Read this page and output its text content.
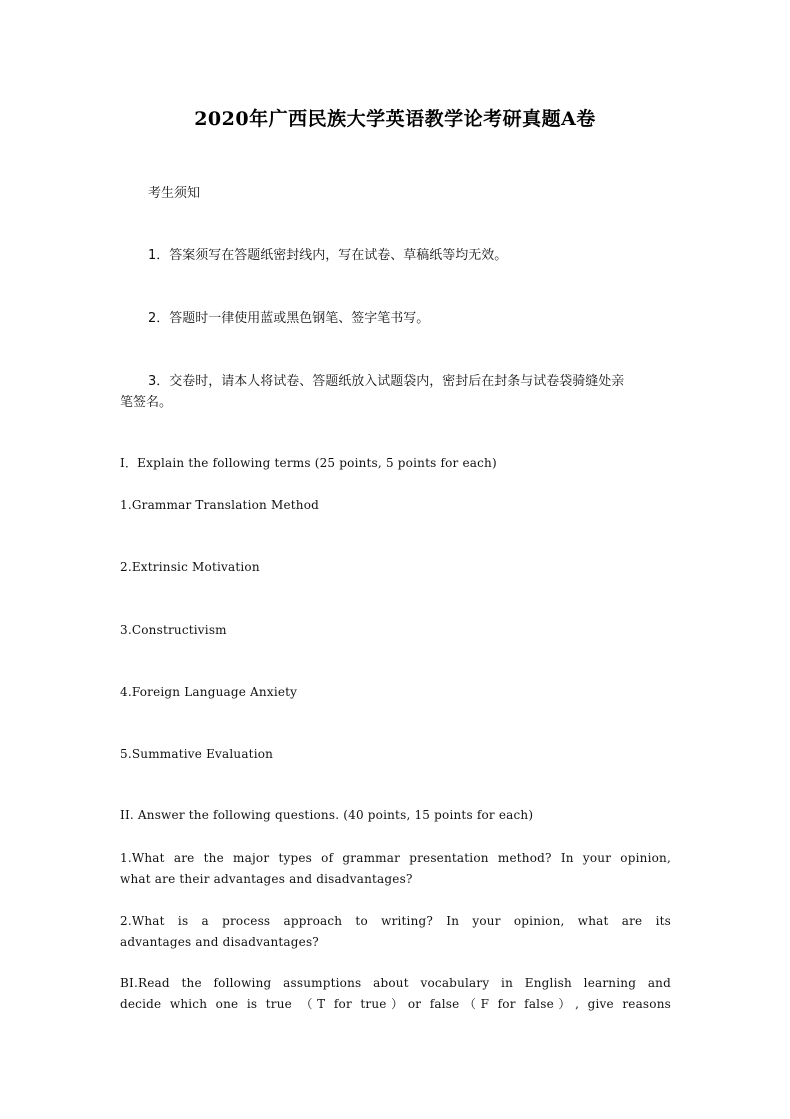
2020年广西民族大学英语教学论考研真题A卷
考生须知
1．答案须写在答题纸密封线内，写在试卷、草稿纸等均无效。
2．答题时一律使用蓝或黑色钢笔、签字笔书写。
3．交卷时，请本人将试卷、答题纸放入试题袋内，密封后在封条与试卷袋骑缝处亲
笔签名。
I．Explain the following terms (25 points, 5 points for each)
1.Grammar Translation Method
2.Extrinsic Motivation
3.Constructivism
4.Foreign Language Anxiety
5.Summative Evaluation
II. Answer the following questions. (40 points, 15 points for each)
1.What are the major types of grammar presentation method? In your opinion,
what are their advantages and disadvantages?
2.What is a process approach to writing? In your opinion, what are its
advantages and disadvantages?
BI.Read the following assumptions about vocabulary in English learning and
decide which one is true （T for true）or false（F for false）, give reasons
